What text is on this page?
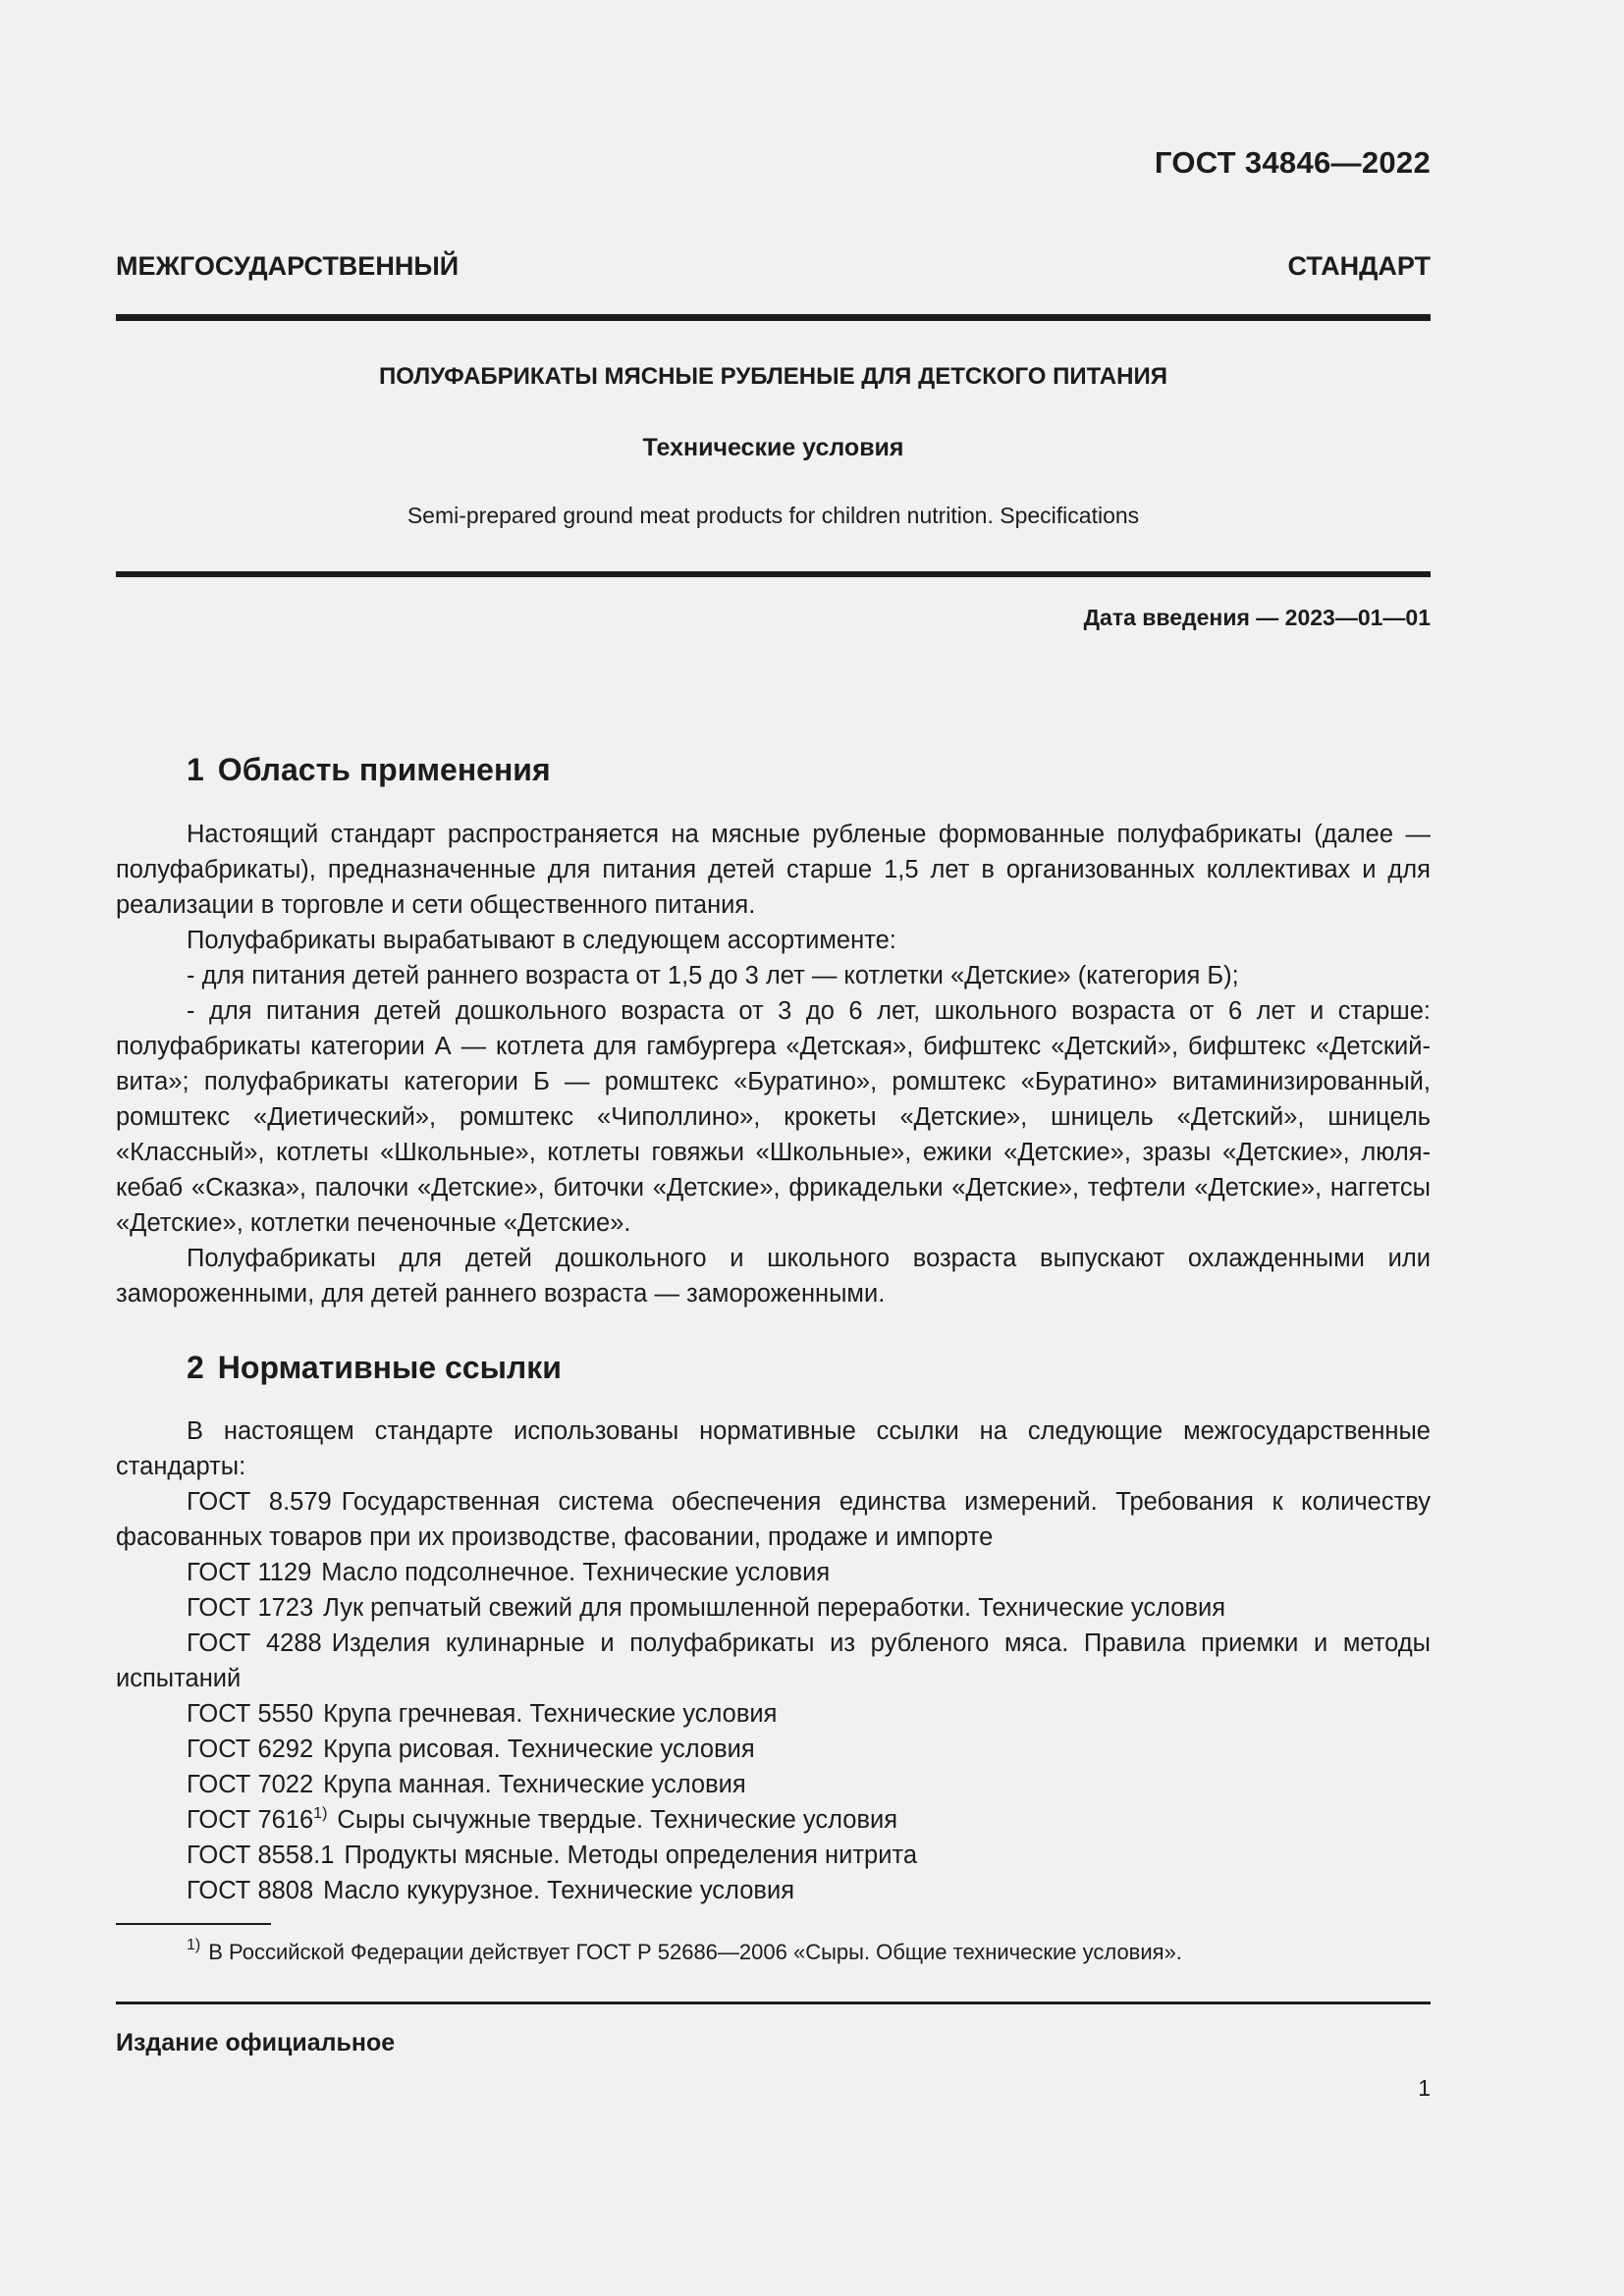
ГОСТ 34846—2022
МЕЖГОСУДАРСТВЕННЫЙ СТАНДАРТ
ПОЛУФАБРИКАТЫ МЯСНЫЕ РУБЛЕНЫЕ ДЛЯ ДЕТСКОГО ПИТАНИЯ
Технические условия
Semi-prepared ground meat products for children nutrition. Specifications
Дата введения — 2023—01—01
1 Область применения

Настоящий стандарт распространяется на мясные рубленые формованные полуфабрикаты (далее — полуфабрикаты), предназначенные для питания детей старше 1,5 лет в организованных коллективах и для реализации в торговле и сети общественного питания.

Полуфабрикаты вырабатывают в следующем ассортименте:

- для питания детей раннего возраста от 1,5 до 3 лет — котлетки «Детские» (категория Б);

- для питания детей дошкольного возраста от 3 до 6 лет, школьного возраста от 6 лет и старше: полуфабрикаты категории А — котлета для гамбургера «Детская», бифштекс «Детский», бифштекс «Детский-вита»; полуфабрикаты категории Б — ромштекс «Буратино», ромштекс «Буратино» витаминизированный, ромштекс «Диетический», ромштекс «Чиполлино», крокеты «Детские», шницель «Детский», шницель «Классный», котлеты «Школьные», котлеты говяжьи «Школьные», ежики «Детские», зразы «Детские», люля-кебаб «Сказка», палочки «Детские», биточки «Детские», фрикадельки «Детские», тефтели «Детские», наггетсы «Детские», котлетки печеночные «Детские».

Полуфабрикаты для детей дошкольного и школьного возраста выпускают охлажденными или замороженными, для детей раннего возраста — замороженными.

2 Нормативные ссылки

В настоящем стандарте использованы нормативные ссылки на следующие межгосударственные стандарты:

ГОСТ 8.579 Государственная система обеспечения единства измерений. Требования к количеству фасованных товаров при их производстве, фасовании, продаже и импорте

ГОСТ 1129 Масло подсолнечное. Технические условия

ГОСТ 1723 Лук репчатый свежий для промышленной переработки. Технические условия

ГОСТ 4288 Изделия кулинарные и полуфабрикаты из рубленого мяса. Правила приемки и методы испытаний

ГОСТ 5550 Крупа гречневая. Технические условия

ГОСТ 6292 Крупа рисовая. Технические условия

ГОСТ 7022 Крупа манная. Технические условия

ГОСТ 7616$^{1)}$ Сыры сычужные твердые. Технические условия

ГОСТ 8558.1 Продукты мясные. Методы определения нитрита

ГОСТ 8808 Масло кукурузное. Технические условия

$^{1)}$ В Российской Федерации действует ГОСТ Р 52686—2006 «Сыры. Общие технические условия».
Издание официальное
1
